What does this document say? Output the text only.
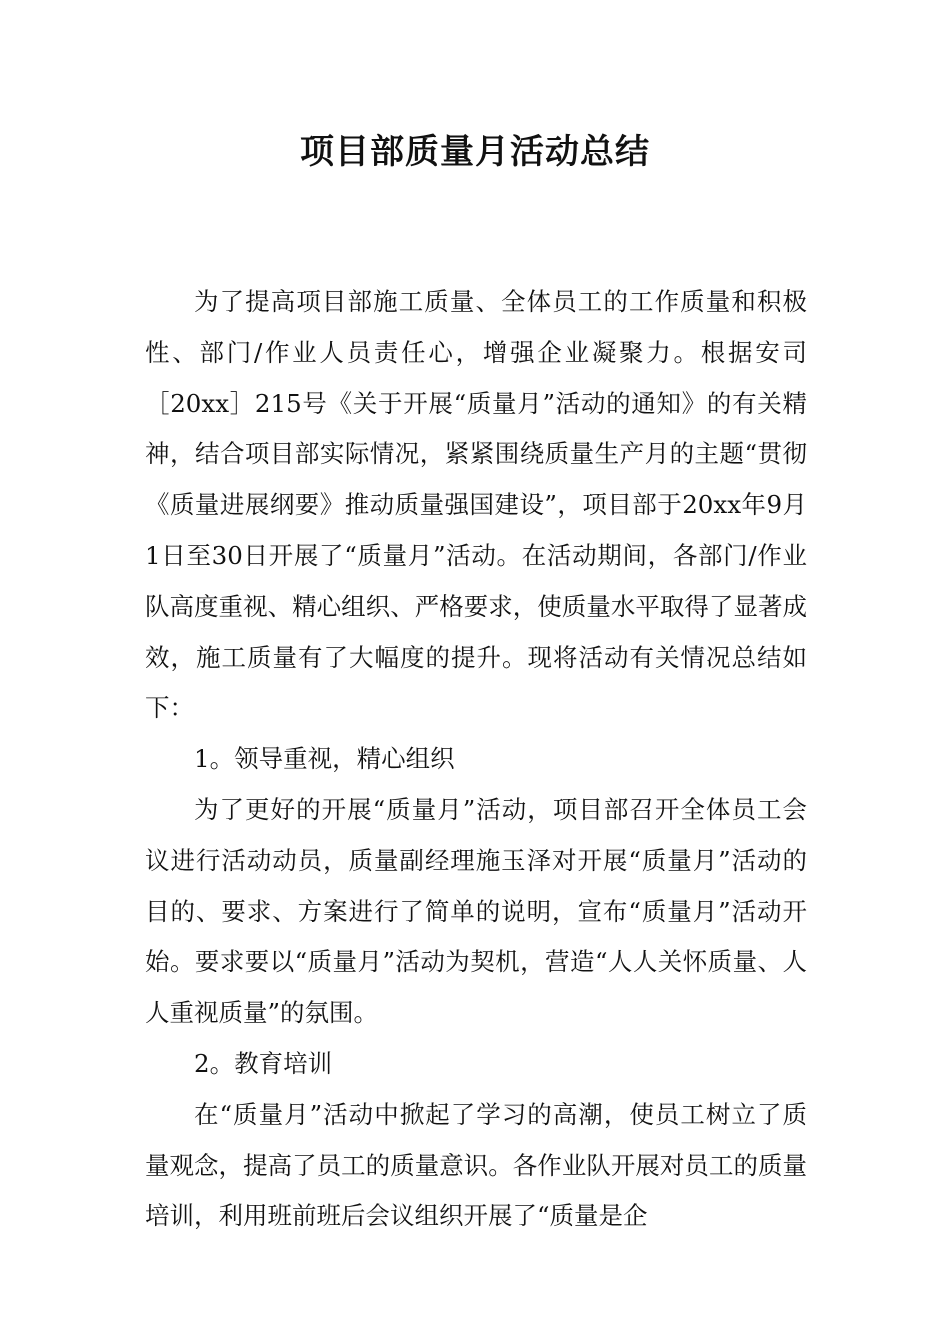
项目部质量月活动总结

为了提高项目部施工质量、全体员工的工作质量和积极性、部门/作业人员责任心，增强企业凝聚力。根据安司［20xx］215号《关于开展“质量月”活动的通知》的有关精神，结合项目部实际情况，紧紧围绕质量生产月的主题“贯彻《质量进展纲要》推动质量强国建设”，项目部于20xx年9月1日至30日开展了“质量月”活动。在活动期间，各部门/作业队高度重视、精心组织、严格要求，使质量水平取得了显著成效，施工质量有了大幅度的提升。现将活动有关情况总结如下：

1。领导重视，精心组织

为了更好的开展“质量月”活动，项目部召开全体员工会议进行活动动员，质量副经理施玉泽对开展“质量月”活动的目的、要求、方案进行了简单的说明，宣布“质量月”活动开始。要求要以“质量月”活动为契机，营造“人人关怀质量、人人重视质量”的氛围。

2。教育培训

在“质量月”活动中掀起了学习的高潮，使员工树立了质量观念，提高了员工的质量意识。各作业队开展对员工的质量培训，利用班前班后会议组织开展了“质量是企
